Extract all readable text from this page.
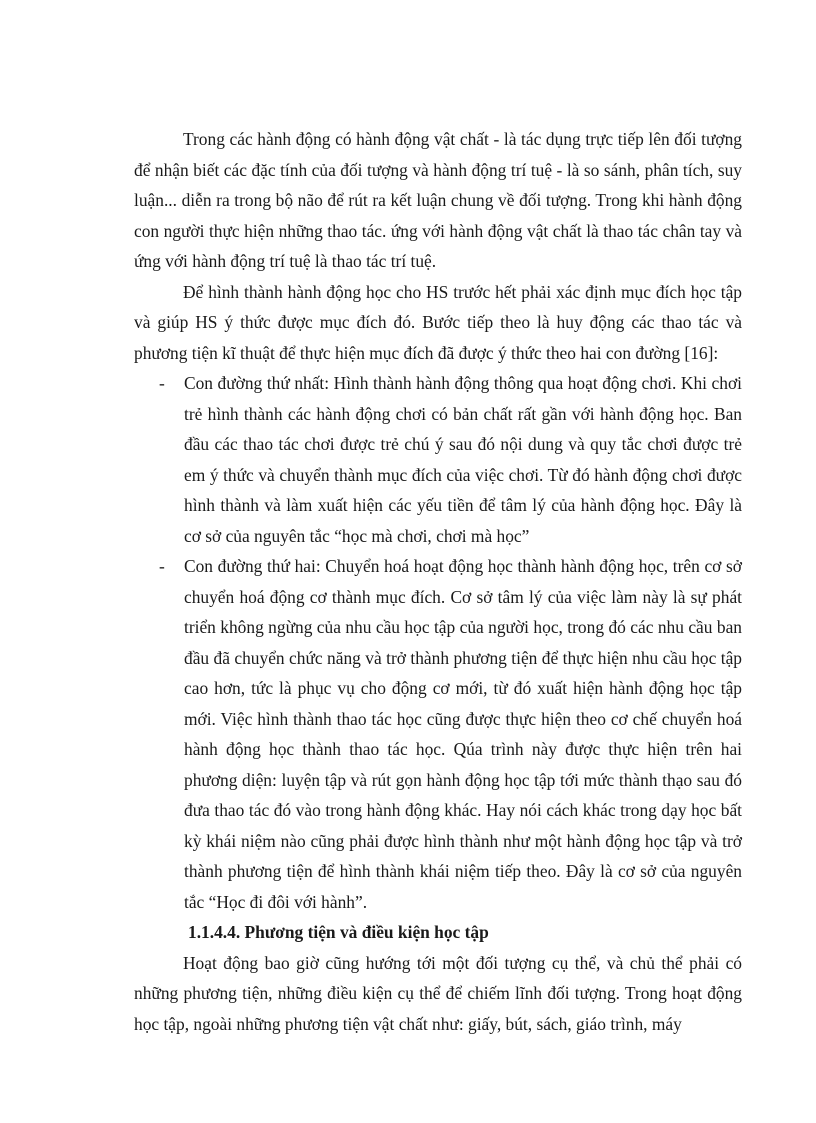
Trong các hành động có hành động vật chất - là tác dụng trực tiếp lên đối tượng để nhận biết các đặc tính của đối tượng và hành động trí tuệ - là so sánh, phân tích, suy luận... diễn ra trong bộ não để rút ra kết luận chung về đối tượng. Trong khi hành động con người thực hiện những thao tác. ứng với hành động vật chất là thao tác chân tay và ứng với hành động trí tuệ là thao tác trí tuệ.

Để hình thành hành động học cho HS trước hết phải xác định mục đích học tập và giúp HS ý thức được mục đích đó. Bước tiếp theo là huy động các thao tác và phương tiện kĩ thuật để thực hiện mục đích đã được ý thức theo hai con đường [16]:

- Con đường thứ nhất: Hình thành hành động thông qua hoạt động chơi. Khi chơi trẻ hình thành các hành động chơi có bản chất rất gần với hành động học. Ban đầu các thao tác chơi được trẻ chú ý sau đó nội dung và quy tắc chơi được trẻ em ý thức và chuyển thành mục đích của việc chơi. Từ đó hành động chơi được hình thành và làm xuất hiện các yếu tiền để tâm lý của hành động học. Đây là cơ sở của nguyên tắc “học mà chơi, chơi mà học”
- Con đường thứ hai: Chuyển hoá hoạt động học thành hành động học, trên cơ sở chuyển hoá động cơ thành mục đích. Cơ sở tâm lý của việc làm này là sự phát triển không ngừng của nhu cầu học tập của người học, trong đó các nhu cầu ban đầu đã chuyển chức năng và trở thành phương tiện để thực hiện nhu cầu học tập cao hơn, tức là phục vụ cho động cơ mới, từ đó xuất hiện hành động học tập mới. Việc hình thành thao tác học cũng được thực hiện theo cơ chế chuyển hoá hành động học thành thao tác học. Qúa trình này được thực hiện trên hai phương diện: luyện tập và rút gọn hành động học tập tới mức thành thạo sau đó đưa thao tác đó vào trong hành động khác. Hay nói cách khác trong dạy học bất kỳ khái niệm nào cũng phải được hình thành như một hành động học tập và trở thành phương tiện để hình thành khái niệm tiếp theo. Đây là cơ sở của nguyên tắc “Học đi đôi với hành”.

1.1.4.4. Phương tiện và điều kiện học tập

Hoạt động bao giờ cũng hướng tới một đối tượng cụ thể, và chủ thể phải có những phương tiện, những điều kiện cụ thể để chiếm lĩnh đối tượng. Trong hoạt động học tập, ngoài những phương tiện vật chất như: giấy, bút, sách, giáo trình, máy
